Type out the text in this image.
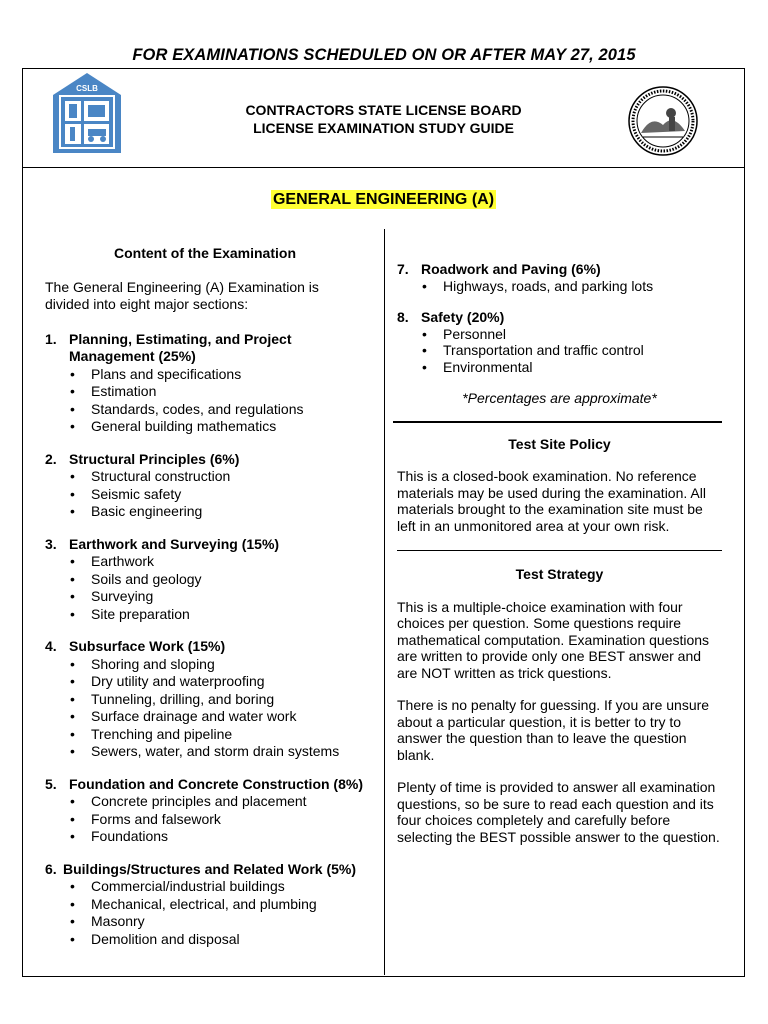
FOR EXAMINATIONS SCHEDULED ON OR AFTER MAY 27, 2015
CSLB
CONTRACTORS STATE LICENSE BOARD
LICENSE EXAMINATION STUDY GUIDE
GENERAL ENGINEERING (A)
Content of the Examination

The General Engineering (A) Examination is divided into eight major sections:

1. Planning, Estimating, and Project Management (25%)
• Plans and specifications
• Estimation
• Standards, codes, and regulations
• General building mathematics
2. Structural Principles (6%)
• Structural construction
• Seismic safety
• Basic engineering
3. Earthwork and Surveying (15%)
• Earthwork
• Soils and geology
• Surveying
• Site preparation
4. Subsurface Work (15%)
• Shoring and sloping
• Dry utility and waterproofing
• Tunneling, drilling, and boring
• Surface drainage and water work
• Trenching and pipeline
• Sewers, water, and storm drain systems
5. Foundation and Concrete Construction (8%)
• Concrete principles and placement
• Forms and falsework
• Foundations
6. Buildings/Structures and Related Work (5%)
• Commercial/industrial buildings
• Mechanical, electrical, and plumbing
• Masonry
• Demolition and disposal
7. Roadwork and Paving (6%)
• Highways, roads, and parking lots
8. Safety (20%)
• Personnel
• Transportation and traffic control
• Environmental
*Percentages are approximate*
Test Site Policy

This is a closed-book examination. No reference materials may be used during the examination. All materials brought to the examination site must be left in an unmonitored area at your own risk.

Test Strategy

This is a multiple-choice examination with four choices per question. Some questions require mathematical computation. Examination questions are written to provide only one BEST answer and are NOT written as trick questions.

There is no penalty for guessing. If you are unsure about a particular question, it is better to try to answer the question than to leave the question blank.

Plenty of time is provided to answer all examination questions, so be sure to read each question and its four choices completely and carefully before selecting the BEST possible answer to the question.
